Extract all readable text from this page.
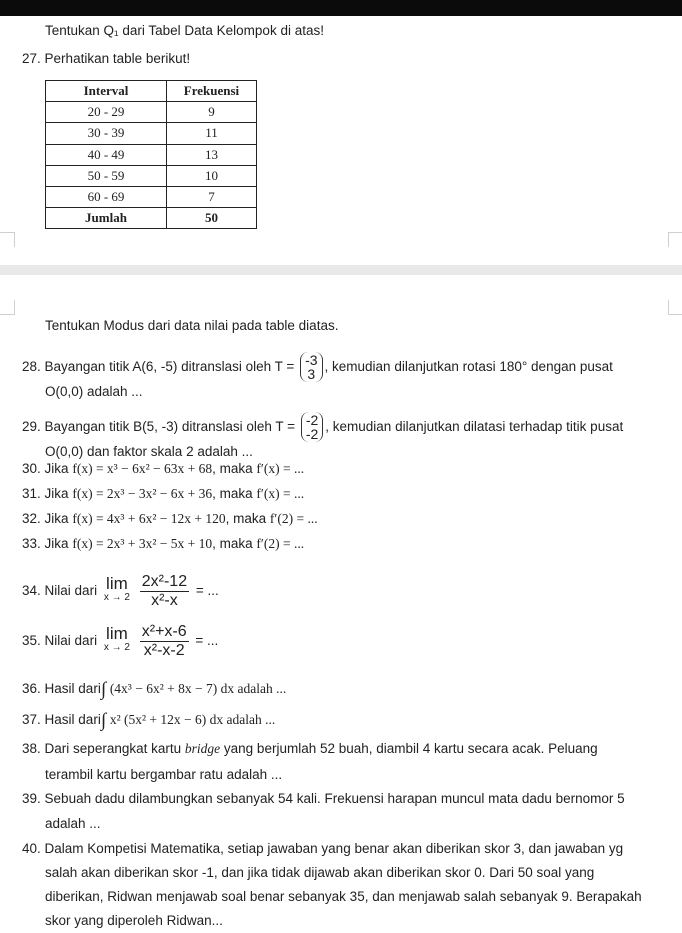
Tentukan Q₁ dari Tabel Data Kelompok di atas!
27. Perhatikan table berikut!
Interval	Frekuensi
20 - 29	9
30 - 39	11
40 - 49	13
50 - 59	10
60 - 69	7
Jumlah	50
Tentukan Modus dari data nilai pada table diatas.
28. Bayangan titik A(6, -5) ditranslasi oleh T = -3
3 , kemudian dilanjutkan rotasi 180° dengan pusat
O(0,0) adalah ...
29. Bayangan titik B(5, -3) ditranslasi oleh T = -2
-2 , kemudian dilanjutkan dilatasi terhadap titik pusat
O(0,0) dan faktor skala 2 adalah ...
30. Jika f(x) = x³ − 6x² − 63x + 68, maka f′(x) = ...
31. Jika f(x) = 2x³ − 3x² − 6x + 36, maka f′(x) = ...
32. Jika f(x) = 4x³ + 6x² − 12x + 120, maka f′(2) = ...
33. Jika f(x) = 2x³ + 3x² − 5x + 10, maka f′(2) = ...
34. Nilai dari lim
x → 2
$\frac{\text{2x²-12}}{\text{x²-x}}$ = ...
35. Nilai dari lim
x → 2
$\frac{\text{x²+x-6}}{\text{x²-x-2}}$ = ...
36. Hasil dari∫ (4x³ − 6x² + 8x − 7) dx adalah ...
37. Hasil dari∫ x² (5x² + 12x − 6) dx adalah ...
38. Dari seperangkat kartu bridge yang berjumlah 52 buah, diambil 4 kartu secara acak. Peluang
terambil kartu bergambar ratu adalah ...
39. Sebuah dadu dilambungkan sebanyak 54 kali. Frekuensi harapan muncul mata dadu bernomor 5
adalah ...
40. Dalam Kompetisi Matematika, setiap jawaban yang benar akan diberikan skor 3, dan jawaban yg
salah akan diberikan skor -1, dan jika tidak dijawab akan diberikan skor 0. Dari 50 soal yang
diberikan, Ridwan menjawab soal benar sebanyak 35, dan menjawab salah sebanyak 9. Berapakah
skor yang diperoleh Ridwan...
